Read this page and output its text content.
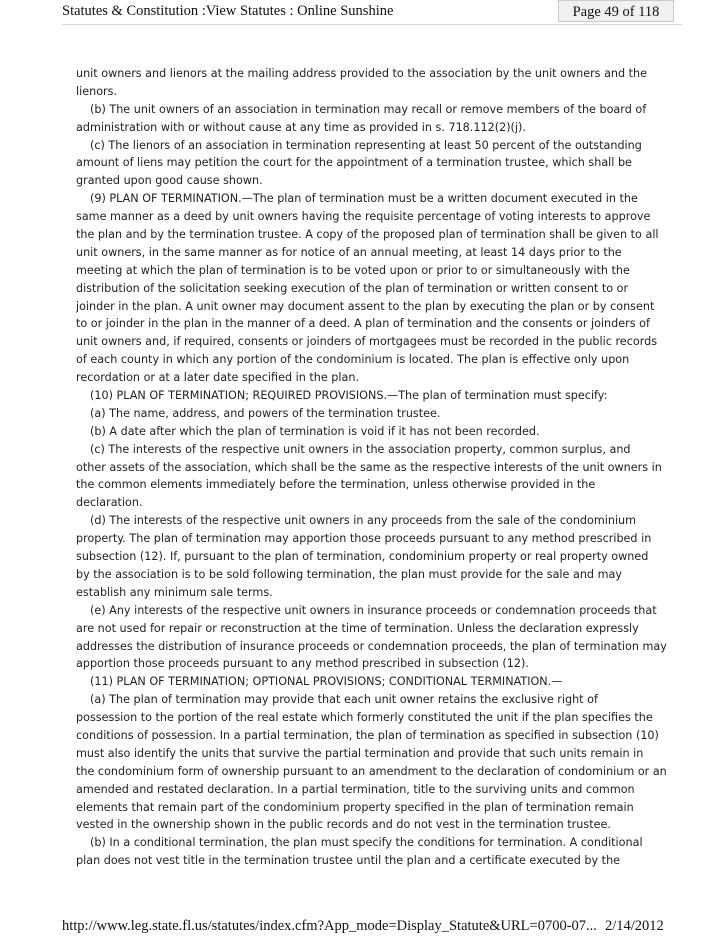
Statutes & Constitution :View Statutes : Online Sunshine	Page 49 of 118
unit owners and lienors at the mailing address provided to the association by the unit owners and the
lienors.
(b) The unit owners of an association in termination may recall or remove members of the board of
administration with or without cause at any time as provided in s. 718.112(2)(j).
(c) The lienors of an association in termination representing at least 50 percent of the outstanding
amount of liens may petition the court for the appointment of a termination trustee, which shall be
granted upon good cause shown.
(9) PLAN OF TERMINATION.—The plan of termination must be a written document executed in the
same manner as a deed by unit owners having the requisite percentage of voting interests to approve
the plan and by the termination trustee. A copy of the proposed plan of termination shall be given to all
unit owners, in the same manner as for notice of an annual meeting, at least 14 days prior to the
meeting at which the plan of termination is to be voted upon or prior to or simultaneously with the
distribution of the solicitation seeking execution of the plan of termination or written consent to or
joinder in the plan. A unit owner may document assent to the plan by executing the plan or by consent
to or joinder in the plan in the manner of a deed. A plan of termination and the consents or joinders of
unit owners and, if required, consents or joinders of mortgagees must be recorded in the public records
of each county in which any portion of the condominium is located. The plan is effective only upon
recordation or at a later date specified in the plan.
(10) PLAN OF TERMINATION; REQUIRED PROVISIONS.—The plan of termination must specify:
(a) The name, address, and powers of the termination trustee.
(b) A date after which the plan of termination is void if it has not been recorded.
(c) The interests of the respective unit owners in the association property, common surplus, and
other assets of the association, which shall be the same as the respective interests of the unit owners in
the common elements immediately before the termination, unless otherwise provided in the
declaration.
(d) The interests of the respective unit owners in any proceeds from the sale of the condominium
property. The plan of termination may apportion those proceeds pursuant to any method prescribed in
subsection (12). If, pursuant to the plan of termination, condominium property or real property owned
by the association is to be sold following termination, the plan must provide for the sale and may
establish any minimum sale terms.
(e) Any interests of the respective unit owners in insurance proceeds or condemnation proceeds that
are not used for repair or reconstruction at the time of termination. Unless the declaration expressly
addresses the distribution of insurance proceeds or condemnation proceeds, the plan of termination may
apportion those proceeds pursuant to any method prescribed in subsection (12).
(11) PLAN OF TERMINATION; OPTIONAL PROVISIONS; CONDITIONAL TERMINATION.—
(a) The plan of termination may provide that each unit owner retains the exclusive right of
possession to the portion of the real estate which formerly constituted the unit if the plan specifies the
conditions of possession. In a partial termination, the plan of termination as specified in subsection (10)
must also identify the units that survive the partial termination and provide that such units remain in
the condominium form of ownership pursuant to an amendment to the declaration of condominium or an
amended and restated declaration. In a partial termination, title to the surviving units and common
elements that remain part of the condominium property specified in the plan of termination remain
vested in the ownership shown in the public records and do not vest in the termination trustee.
(b) In a conditional termination, the plan must specify the conditions for termination. A conditional
plan does not vest title in the termination trustee until the plan and a certificate executed by the
http://www.leg.state.fl.us/statutes/index.cfm?App_mode=Display_Statute&URL=0700-07... 2/14/2012
